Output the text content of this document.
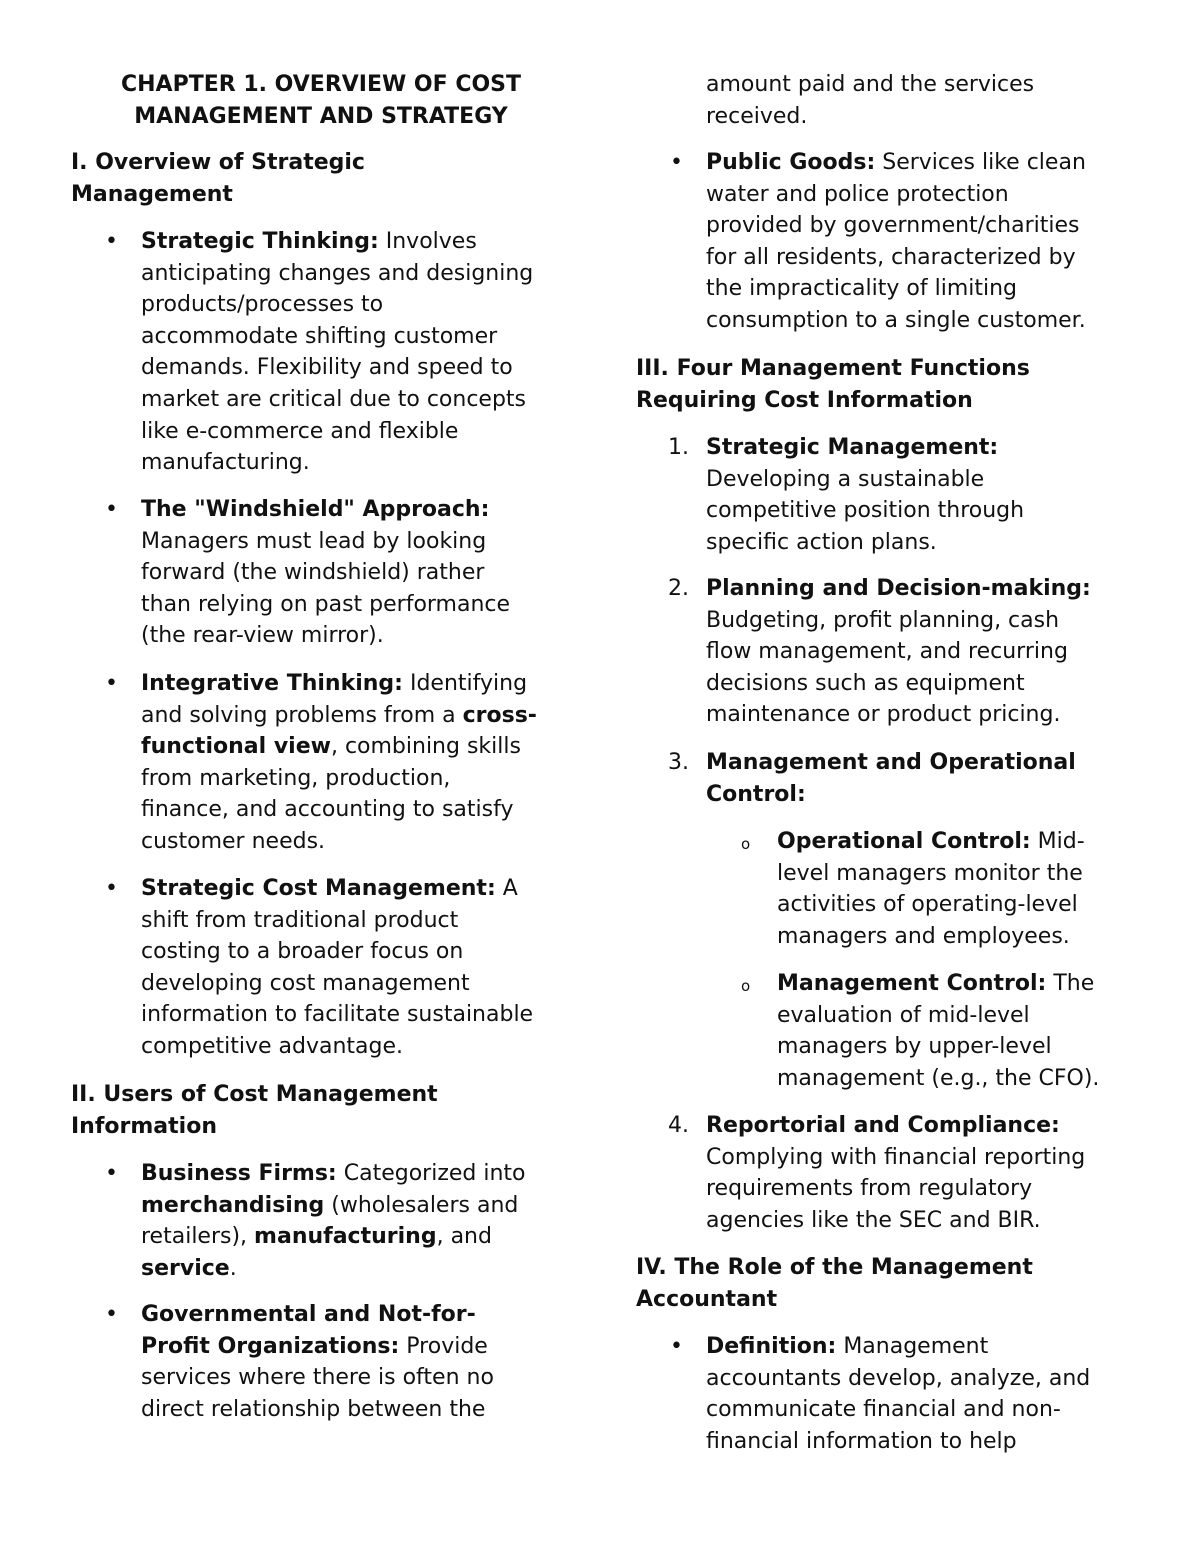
CHAPTER 1. OVERVIEW OF COST

MANAGEMENT AND STRATEGY

I. Overview of Strategic

Management

• Strategic Thinking: Involves

anticipating changes and designing

products/processes to

accommodate shifting customer

demands. Flexibility and speed to

market are critical due to concepts

like e-commerce and flexible

manufacturing.

• The "Windshield" Approach:

Managers must lead by looking

forward (the windshield) rather

than relying on past performance

(the rear-view mirror).

• Integrative Thinking: Identifying

and solving problems from a cross-

functional view, combining skills

from marketing, production,

finance, and accounting to satisfy

customer needs.

• Strategic Cost Management: A

shift from traditional product

costing to a broader focus on

developing cost management

information to facilitate sustainable

competitive advantage.

II. Users of Cost Management

Information

• Business Firms: Categorized into

merchandising (wholesalers and

retailers), manufacturing, and

service.

• Governmental and Not-for-

Profit Organizations: Provide

services where there is often no

direct relationship between the

amount paid and the services

received.

• Public Goods: Services like clean

water and police protection

provided by government/charities

for all residents, characterized by

the impracticality of limiting

consumption to a single customer.

III. Four Management Functions

Requiring Cost Information

1. Strategic Management:

Developing a sustainable

competitive position through

specific action plans.

2. Planning and Decision-making:

Budgeting, profit planning, cash

flow management, and recurring

decisions such as equipment

maintenance or product pricing.

3. Management and Operational

Control:

o Operational Control: Mid-

level managers monitor the

activities of operating-level

managers and employees.

o Management Control: The

evaluation of mid-level

managers by upper-level

management (e.g., the CFO).

4. Reportorial and Compliance:

Complying with financial reporting

requirements from regulatory

agencies like the SEC and BIR.

IV. The Role of the Management

Accountant

• Definition: Management

accountants develop, analyze, and

communicate financial and non-

financial information to help
